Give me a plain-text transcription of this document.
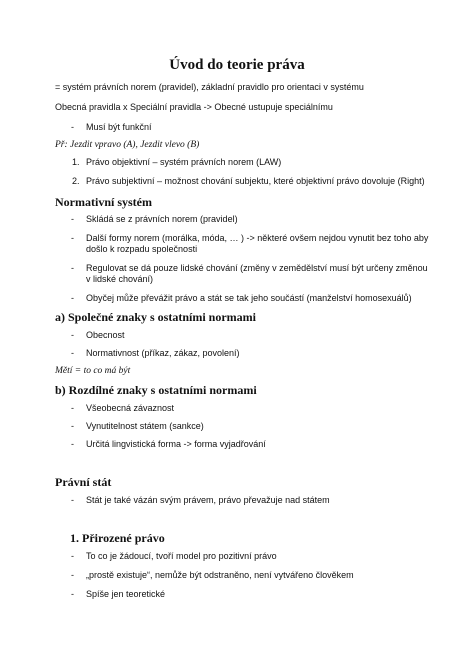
Úvod do teorie práva
= systém právních norem (pravidel), základní pravidlo pro orientaci v systému
Obecná pravidla x Speciální pravidla -> Obecné ustupuje speciálnímu
- Musí být funkční
Př: Jezdit vpravo (A), Jezdit vlevo (B)
1. Právo objektivní – systém právních norem (LAW)
2. Právo subjektivní – možnost chování subjektu, které objektivní právo dovoluje (Right)
Normativní systém
- Skládá se z právních norem (pravidel)
- Další formy norem (morálka, móda, … ) -> některé ovšem nejdou vynutit bez toho aby
došlo k rozpadu společnosti
- Regulovat se dá pouze lidské chování (změny v zemědělství musí být určeny změnou
v lidské chování)
- Obyčej může převážit právo a stát se tak jeho součástí (manželství homosexuálů)
a) Společné znaky s ostatními normami
- Obecnost
- Normativnost (příkaz, zákaz, povolení)
Mětí = to co má být
b) Rozdílné znaky s ostatními normami
- Všeobecná závaznost
- Vynutitelnost státem (sankce)
- Určitá lingvistická forma -> forma vyjadřování
Právní stát
- Stát je také vázán svým právem, právo převažuje nad státem
1. Přirozené právo
- To co je žádoucí, tvoří model pro pozitivní právo
- „prostě existuje“, nemůže být odstraněno, není vytvářeno člověkem
- Spíše jen teoretické
